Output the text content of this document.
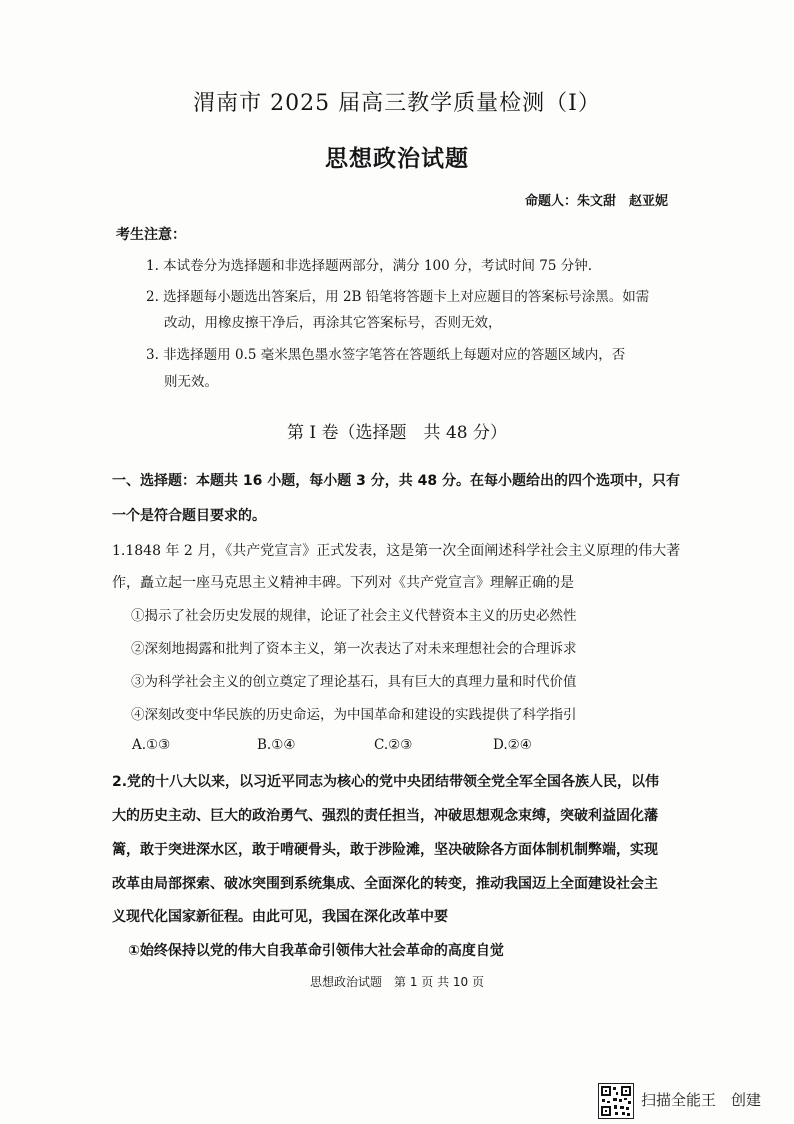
渭南市 2025 届高三教学质量检测（Ⅰ）
思想政治试题
命题人：朱文甜　赵亚妮
考生注意：
1. 本试卷分为选择题和非选择题两部分，满分 100 分，考试时间 75 分钟.
2. 选择题每小题选出答案后，用 2B 铅笔将答题卡上对应题目的答案标号涂黑。如需
改动，用橡皮擦干净后，再涂其它答案标号，否则无效，
3. 非选择题用 0.5 毫米黑色墨水签字笔答在答题纸上每题对应的答题区域内，否
则无效。
第 I 卷（选择题　共 48 分）
一、选择题：本题共 16 小题，每小题 3 分，共 48 分。在每小题给出的四个选项中，只有
一个是符合题目要求的。
1.1848 年 2 月，《共产党宣言》正式发表，这是第一次全面阐述科学社会主义原理的伟大著
作，矗立起一座马克思主义精神丰碑。下列对《共产党宣言》理解正确的是
①揭示了社会历史发展的规律，论证了社会主义代替资本主义的历史必然性
②深刻地揭露和批判了资本主义，第一次表达了对未来理想社会的合理诉求
③为科学社会主义的创立奠定了理论基石，具有巨大的真理力量和时代价值
④深刻改变中华民族的历史命运，为中国革命和建设的实践提供了科学指引
A.①③	B.①④	C.②③	D.②④
2.党的十八大以来，以习近平同志为核心的党中央团结带领全党全军全国各族人民，以伟
大的历史主动、巨大的政治勇气、强烈的责任担当，冲破思想观念束缚，突破利益固化藩
篱，敢于突进深水区，敢于啃硬骨头，敢于涉险滩，坚决破除各方面体制机制弊端，实现
改革由局部探索、破冰突围到系统集成、全面深化的转变，推动我国迈上全面建设社会主
义现代化国家新征程。由此可见，我国在深化改革中要
①始终保持以党的伟大自我革命引领伟大社会革命的高度自觉
思想政治试题　第 1 页 共 10 页
扫描全能王　创建
